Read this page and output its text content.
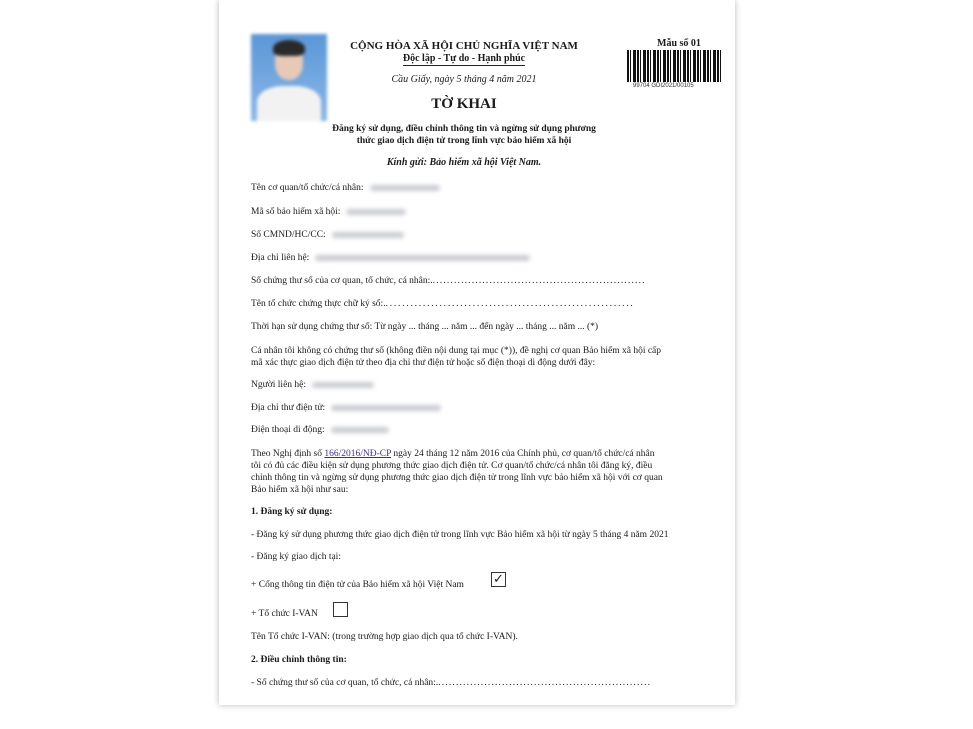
CỘNG HÒA XÃ HỘI CHỦ NGHĨA VIỆT NAM
Độc lập - Tự do - Hạnh phúc
Cầu Giấy, ngày 5 tháng 4 năm 2021
Mẫu số 01
99704 GDI2021/00105
TỜ KHAI
Đăng ký sử dụng, điều chỉnh thông tin và ngừng sử dụng phương
thức giao dịch điện tử trong lĩnh vực bảo hiểm xã hội
Kính gửi: Bảo hiểm xã hội Việt Nam.
Tên cơ quan/tổ chức/cá nhân:
Mã số bảo hiểm xã hội:
Số CMND/HC/CC:
Địa chỉ liên hệ:
Số chứng thư số của cơ quan, tổ chức, cá nhân:.. . . . . . . . . . . . . . . . . . . . . . . . . . . . . . . . . . . . . . . . . . . . . . . . . . . . . . . . . . . .
Tên tổ chức chứng thực chữ ký số:.. . . . . . . . . . . . . . . . . . . . . . . . . . . . . . . . . . . . . . . . . . . . . . . . . . . . . . . . . . . .
Thời hạn sử dụng chứng thư số: Từ ngày ... tháng ... năm ... đến ngày ... tháng ... năm ... (*)
Cá nhân tôi không có chứng thư số (không điền nội dung tại mục (*)), đề nghị cơ quan Bảo hiểm xã hội cấp
mã xác thực giao dịch điện tử theo địa chỉ thư điện tử hoặc số điện thoại di động dưới đây:
Người liên hệ:
Địa chỉ thư điện tử:
Điện thoại di động:
Theo Nghị định số 166/2016/NĐ-CP ngày 24 tháng 12 năm 2016 của Chính phủ, cơ quan/tổ chức/cá nhân
tôi có đủ các điều kiện sử dụng phương thức giao dịch điện tử. Cơ quan/tổ chức/cá nhân tôi đăng ký, điều
chỉnh thông tin và ngừng sử dụng phương thức giao dịch điện tử trong lĩnh vực bảo hiểm xã hội với cơ quan
Bảo hiểm xã hội như sau:
1. Đăng ký sử dụng:
- Đăng ký sử dụng phương thức giao dịch điện tử trong lĩnh vực Bảo hiểm xã hội từ ngày 5 tháng 4 năm 2021
- Đăng ký giao dịch tại:
+ Cổng thông tin điện tử của Bảo hiểm xã hội Việt Nam ✓
+ Tổ chức I-VAN
Tên Tổ chức I-VAN: (trong trường hợp giao dịch qua tổ chức I-VAN).
2. Điều chỉnh thông tin:
- Số chứng thư số của cơ quan, tổ chức, cá nhân:.. . . . . . . . . . . . . . . . . . . . . . . . . . . . . . . . . . . . . . . . . . . . . . . . . . . . . . . . . . . .
